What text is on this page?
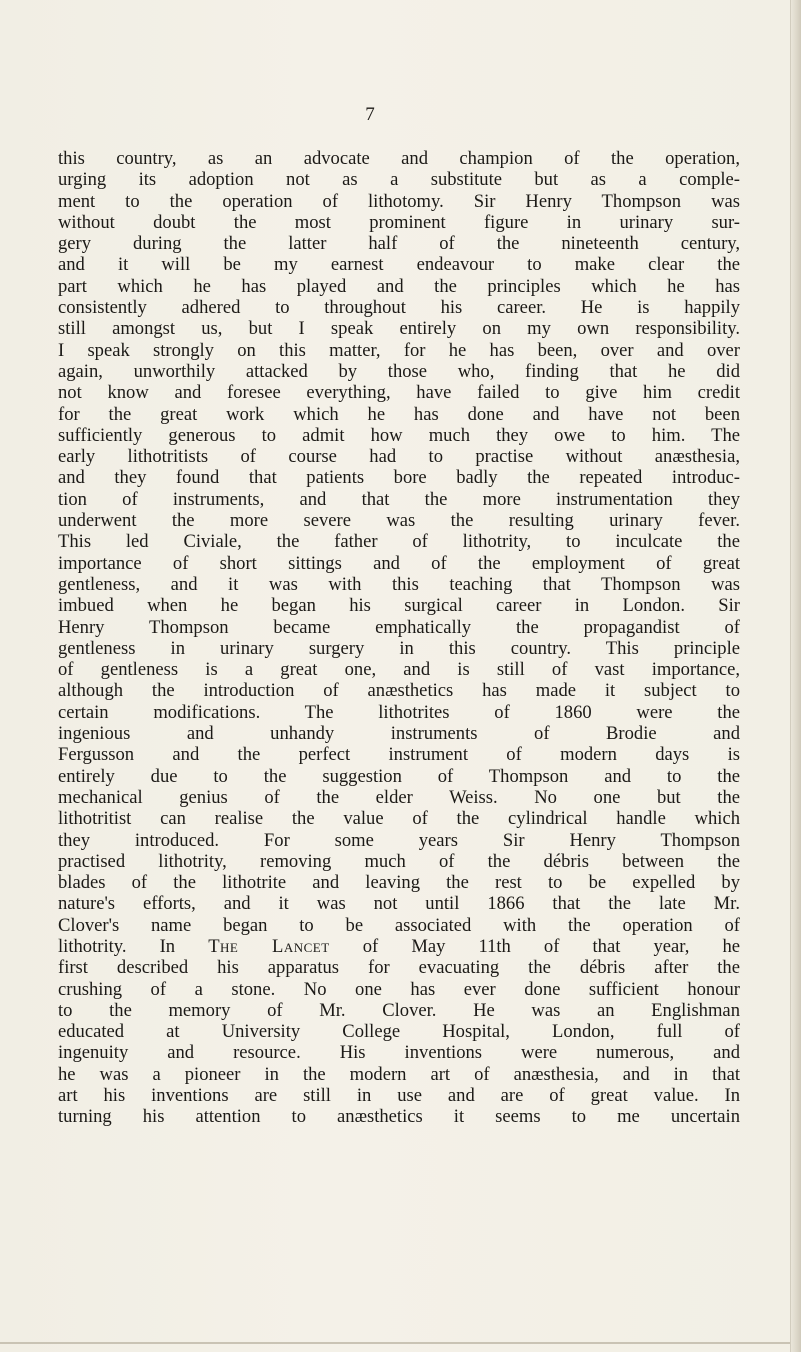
7

this country, as an advocate and champion of the operation,
urging its adoption not as a substitute but as a comple-
ment to the operation of lithotomy. Sir Henry Thompson was
without doubt the most prominent figure in urinary sur-
gery during the latter half of the nineteenth century,
and it will be my earnest endeavour to make clear the
part which he has played and the principles which he has
consistently adhered to throughout his career. He is happily
still amongst us, but I speak entirely on my own responsibility.
I speak strongly on this matter, for he has been, over and over
again, unworthily attacked by those who, finding that he did
not know and foresee everything, have failed to give him credit
for the great work which he has done and have not been
sufficiently generous to admit how much they owe to him. The
early lithotritists of course had to practise without anæsthesia,
and they found that patients bore badly the repeated introduc-
tion of instruments, and that the more instrumentation they
underwent the more severe was the resulting urinary fever.
This led Civiale, the father of lithotrity, to inculcate the
importance of short sittings and of the employment of great
gentleness, and it was with this teaching that Thompson was
imbued when he began his surgical career in London. Sir
Henry Thompson became emphatically the propagandist of
gentleness in urinary surgery in this country. This principle
of gentleness is a great one, and is still of vast importance,
although the introduction of anæsthetics has made it subject to
certain modifications. The lithotrites of 1860 were the
ingenious and unhandy instruments of Brodie and
Fergusson and the perfect instrument of modern days is
entirely due to the suggestion of Thompson and to the
mechanical genius of the elder Weiss. No one but the
lithotritist can realise the value of the cylindrical handle which
they introduced. For some years Sir Henry Thompson
practised lithotrity, removing much of the débris between the
blades of the lithotrite and leaving the rest to be expelled by
nature's efforts, and it was not until 1866 that the late Mr.
Clover's name began to be associated with the operation of
lithotrity. In The Lancet of May 11th of that year, he
first described his apparatus for evacuating the débris after the
crushing of a stone. No one has ever done sufficient honour
to the memory of Mr. Clover. He was an Englishman
educated at University College Hospital, London, full of
ingenuity and resource. His inventions were numerous, and
he was a pioneer in the modern art of anæsthesia, and in that
art his inventions are still in use and are of great value. In
turning his attention to anæsthetics it seems to me uncertain
